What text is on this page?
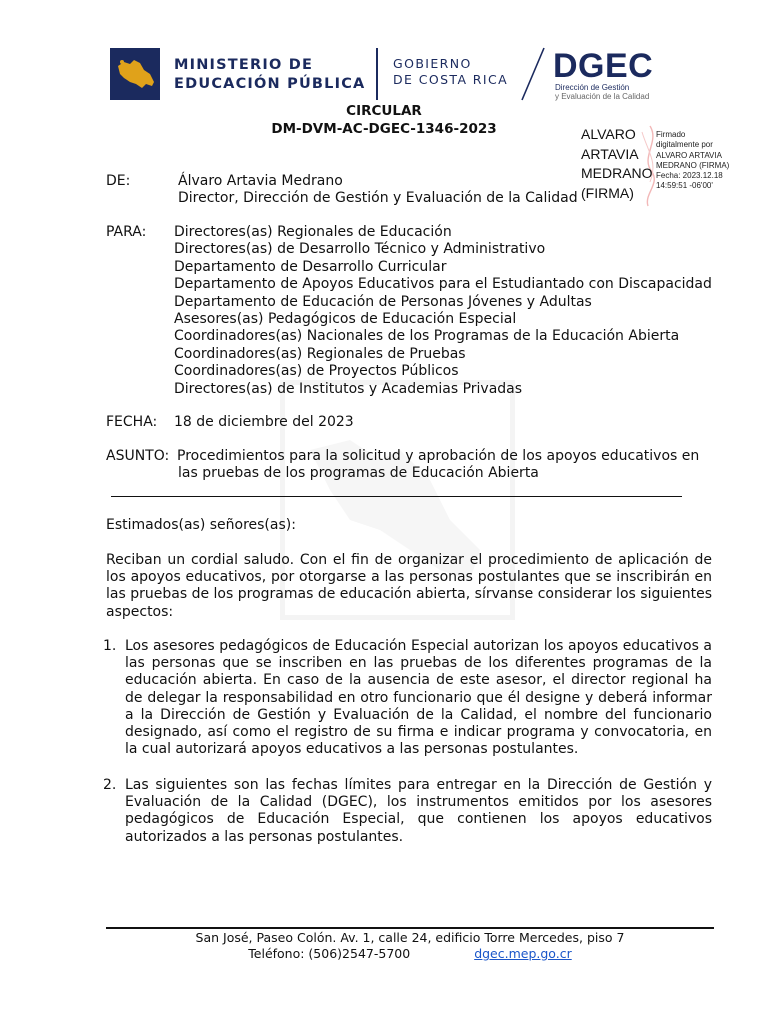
MINISTERIO DE
EDUCACIÓN PÚBLICA
GOBIERNO
DE COSTA RICA DGEC
Dirección de Gestión
y Evaluación de la Calidad
CIRCULAR
DM-DVM-AC-DGEC-1346-2023	ALVARO
ARTAVIA
MEDRANO
(FIRMA)
Firmado
digitalmente por
ALVARO ARTAVIA
MEDRANO (FIRMA)
Fecha: 2023.12.18
14:59:51 -06'00'
DE:	Álvaro Artavia Medrano
Director, Dirección de Gestión y Evaluación de la Calidad
PARA: Directores(as) Regionales de Educación
Directores(as) de Desarrollo Técnico y Administrativo
Departamento de Desarrollo Curricular
Departamento de Apoyos Educativos para el Estudiantado con Discapacidad
Departamento de Educación de Personas Jóvenes y Adultas
Asesores(as) Pedagógicos de Educación Especial
Coordinadores(as) Nacionales de los Programas de la Educación Abierta
Coordinadores(as) Regionales de Pruebas
Coordinadores(as) de Proyectos Públicos
Directores(as) de Institutos y Academias Privadas
FECHA: 18 de diciembre del 2023
ASUNTO: Procedimientos para la solicitud y aprobación de los apoyos educativos en
las pruebas de los programas de Educación Abierta
Estimados(as) señores(as):
Reciban un cordial saludo. Con el fin de organizar el procedimiento de aplicación de los apoyos educativos, por otorgarse a las personas postulantes que se inscribirán en las pruebas de los programas de educación abierta, sírvanse considerar los siguientes aspectos:
1. Los asesores pedagógicos de Educación Especial autorizan los apoyos educativos a las personas que se inscriben en las pruebas de los diferentes programas de la educación abierta. En caso de la ausencia de este asesor, el director regional ha de delegar la responsabilidad en otro funcionario que él designe y deberá informar a la Dirección de Gestión y Evaluación de la Calidad, el nombre del funcionario designado, así como el registro de su firma e indicar programa y convocatoria, en la cual autorizará apoyos educativos a las personas postulantes.
2. Las siguientes son las fechas límites para entregar en la Dirección de Gestión y Evaluación de la Calidad (DGEC), los instrumentos emitidos por los asesores pedagógicos de Educación Especial, que contienen los apoyos educativos autorizados a las personas postulantes.
San José, Paseo Colón. Av. 1, calle 24, edificio Torre Mercedes, piso 7
Teléfono: (506)2547-5700	dgec.mep.go.cr
